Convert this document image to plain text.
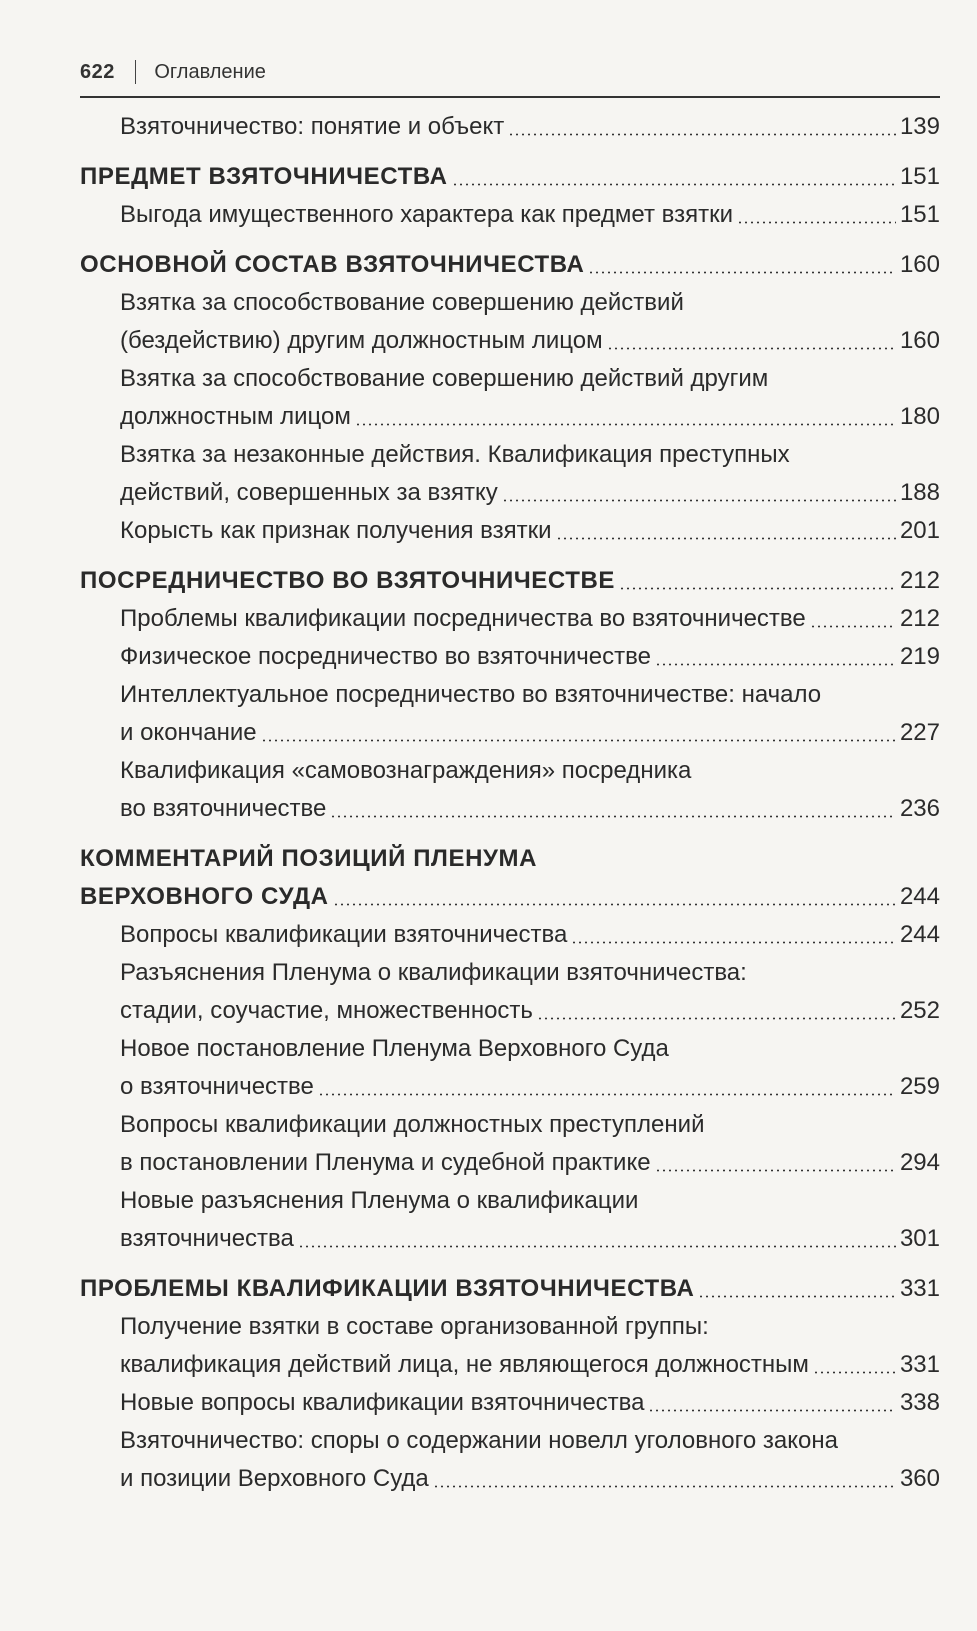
622 Оглавление
Взяточничество: понятие и объект	139
ПРЕДМЕТ ВЗЯТОЧНИЧЕСТВА	151
Выгода имущественного характера как предмет взятки	151
ОСНОВНОЙ СОСТАВ ВЗЯТОЧНИЧЕСТВА	160
Взятка за способствование совершению действий
(бездействию) другим должностным лицом	160
Взятка за способствование совершению действий другим
должностным лицом	180
Взятка за незаконные действия. Квалификация преступных
действий, совершенных за взятку	188
Корысть как признак получения взятки	201
ПОСРЕДНИЧЕСТВО ВО ВЗЯТОЧНИЧЕСТВЕ	212
Проблемы квалификации посредничества во взяточничестве	212
Физическое посредничество во взяточничестве	219
Интеллектуальное посредничество во взяточничестве: начало
и окончание	227
Квалификация «самовознаграждения» посредника
во взяточничестве	236
КОММЕНТАРИЙ ПОЗИЦИЙ ПЛЕНУМА
ВЕРХОВНОГО СУДА	244
Вопросы квалификации взяточничества	244
Разъяснения Пленума о квалификации взяточничества:
стадии, соучастие, множественность	252
Новое постановление Пленума Верховного Суда
о взяточничестве	259
Вопросы квалификации должностных преступлений
в постановлении Пленума и судебной практике	294
Новые разъяснения Пленума о квалификации
взяточничества	301
ПРОБЛЕМЫ КВАЛИФИКАЦИИ ВЗЯТОЧНИЧЕСТВА	331
Получение взятки в составе организованной группы:
квалификация действий лица, не являющегося должностным	331
Новые вопросы квалификации взяточничества	338
Взяточничество: споры о содержании новелл уголовного закона
и позиции Верховного Суда	360
